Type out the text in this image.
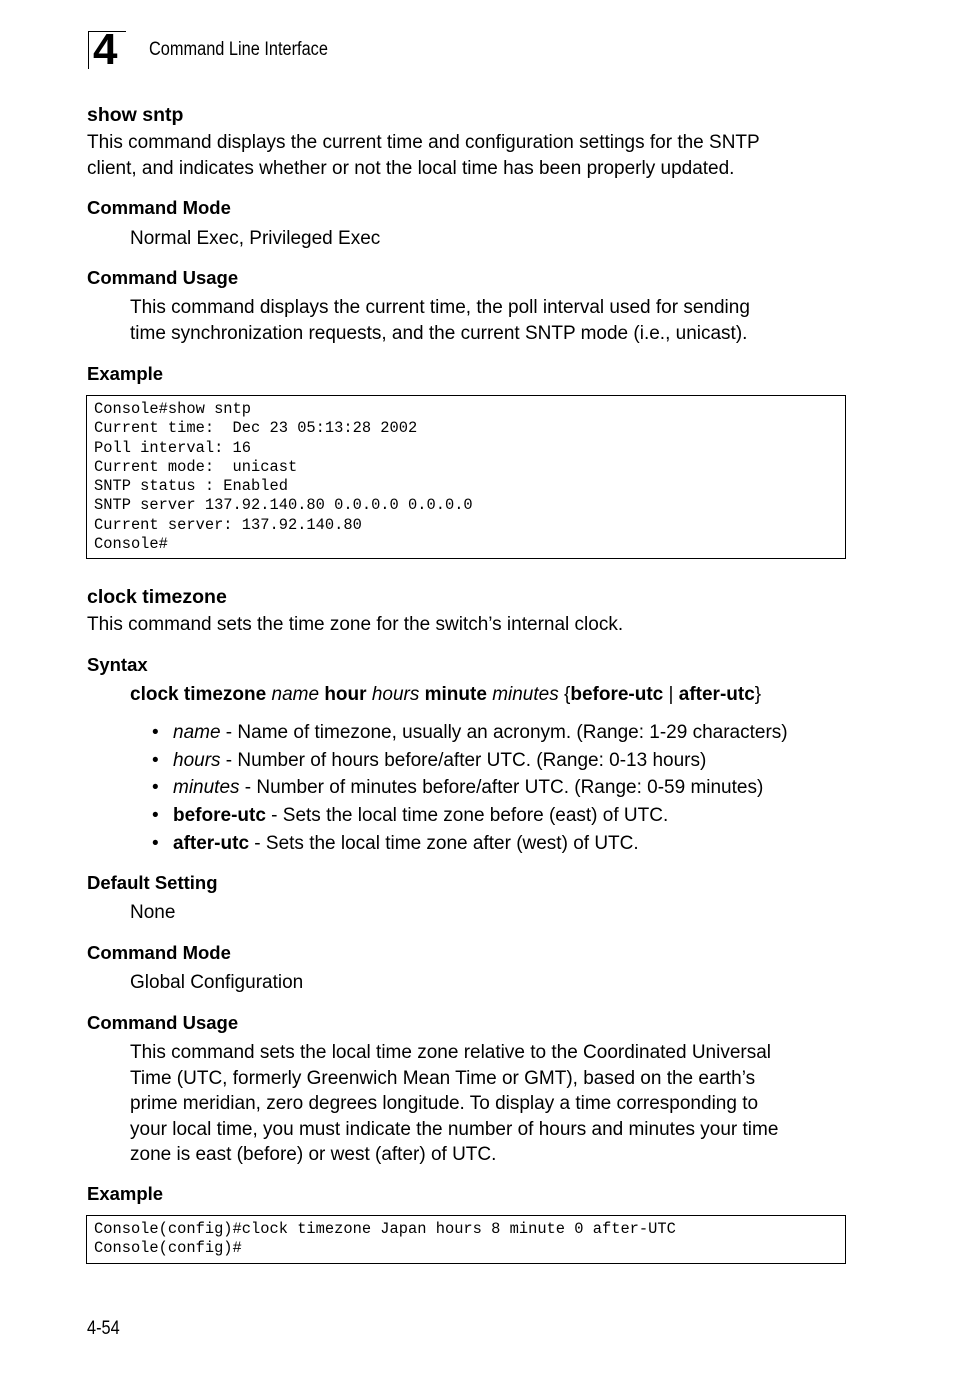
4 Command Line Interface
show sntp
This command displays the current time and configuration settings for the SNTP
client, and indicates whether or not the local time has been properly updated.
Command Mode
Normal Exec, Privileged Exec
Command Usage
This command displays the current time, the poll interval used for sending
time synchronization requests, and the current SNTP mode (i.e., unicast).
Example
Console#show sntp
Current time:  Dec 23 05:13:28 2002
Poll interval: 16
Current mode:  unicast
SNTP status : Enabled
SNTP server 137.92.140.80 0.0.0.0 0.0.0.0
Current server: 137.92.140.80
Console#
clock timezone
This command sets the time zone for the switch’s internal clock.
Syntax
clock timezone name hour hours minute minutes {before-utc | after-utc}
• name - Name of timezone, usually an acronym. (Range: 1-29 characters)
• hours - Number of hours before/after UTC. (Range: 0-13 hours)
• minutes - Number of minutes before/after UTC. (Range: 0-59 minutes)
• before-utc - Sets the local time zone before (east) of UTC.
• after-utc - Sets the local time zone after (west) of UTC.
Default Setting
None
Command Mode
Global Configuration
Command Usage
This command sets the local time zone relative to the Coordinated Universal
Time (UTC, formerly Greenwich Mean Time or GMT), based on the earth’s
prime meridian, zero degrees longitude. To display a time corresponding to
your local time, you must indicate the number of hours and minutes your time
zone is east (before) or west (after) of UTC.
Example
Console(config)#clock timezone Japan hours 8 minute 0 after-UTC
Console(config)#
4-54
